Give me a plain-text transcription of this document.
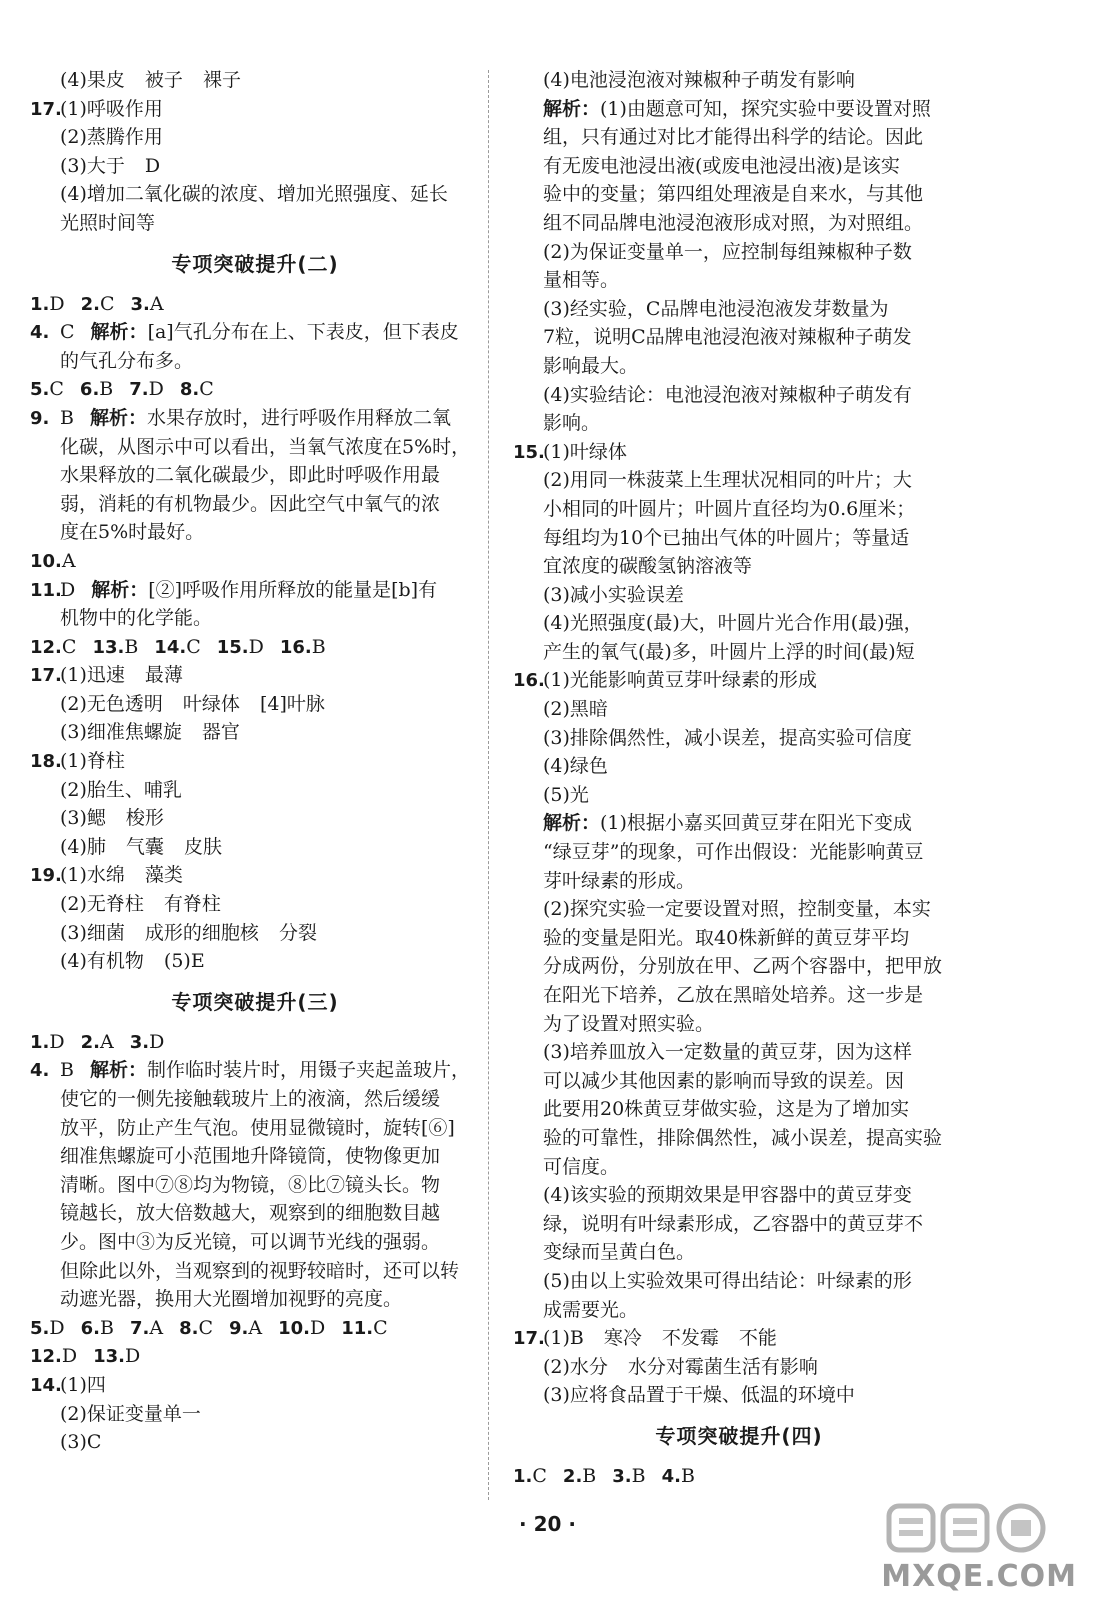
(4)果皮 被子 裸子
17.(1)呼吸作用
(2)蒸腾作用
(3)大于 D
(4)增加二氧化碳的浓度、增加光照强度、延长
光照时间等
专项突破提升(二)
1.D 2.C 3.A
4. C 解析：[a]气孔分布在上、下表皮，但下表皮
的气孔分布多。
5.C 6.B 7.D 8.C
9. B 解析：水果存放时，进行呼吸作用释放二氧
化碳，从图示中可以看出，当氧气浓度在5%时，
水果释放的二氧化碳最少，即此时呼吸作用最
弱，消耗的有机物最少。因此空气中氧气的浓
度在5%时最好。
10.A
11.D 解析：[②]呼吸作用所释放的能量是[b]有
机物中的化学能。
12.C 13.B 14.C 15.D 16.B
17.(1)迅速 最薄
(2)无色透明 叶绿体 [4]叶脉
(3)细准焦螺旋 器官
18.(1)脊柱
(2)胎生、哺乳
(3)鳃 梭形
(4)肺 气囊 皮肤
19.(1)水绵 藻类
(2)无脊柱 有脊柱
(3)细菌 成形的细胞核 分裂
(4)有机物 (5)E
专项突破提升(三)
1.D 2.A 3.D
4. B 解析：制作临时装片时，用镊子夹起盖玻片，
使它的一侧先接触载玻片上的液滴，然后缓缓
放平，防止产生气泡。使用显微镜时，旋转[⑥]
细准焦螺旋可小范围地升降镜筒，使物像更加
清晰。图中⑦⑧均为物镜，⑧比⑦镜头长。物
镜越长，放大倍数越大，观察到的细胞数目越
少。图中③为反光镜，可以调节光线的强弱。
但除此以外，当观察到的视野较暗时，还可以转
动遮光器，换用大光圈增加视野的亮度。
5.D 6.B 7.A 8.C 9.A 10.D 11.C
12.D 13.D
14.(1)四
(2)保证变量单一
(3)C
(4)电池浸泡液对辣椒种子萌发有影响
解析：(1)由题意可知，探究实验中要设置对照
组，只有通过对比才能得出科学的结论。因此
有无废电池浸出液(或废电池浸出液)是该实
验中的变量；第四组处理液是自来水，与其他
组不同品牌电池浸泡液形成对照，为对照组。
(2)为保证变量单一，应控制每组辣椒种子数
量相等。
(3)经实验，C品牌电池浸泡液发芽数量为
7粒，说明C品牌电池浸泡液对辣椒种子萌发
影响最大。
(4)实验结论：电池浸泡液对辣椒种子萌发有
影响。
15.(1)叶绿体
(2)用同一株菠菜上生理状况相同的叶片；大
小相同的叶圆片；叶圆片直径均为0.6厘米；
每组均为10个已抽出气体的叶圆片；等量适
宜浓度的碳酸氢钠溶液等
(3)减小实验误差
(4)光照强度(最)大，叶圆片光合作用(最)强，
产生的氧气(最)多，叶圆片上浮的时间(最)短
16.(1)光能影响黄豆芽叶绿素的形成
(2)黑暗
(3)排除偶然性，减小误差，提高实验可信度
(4)绿色
(5)光
解析：(1)根据小嘉买回黄豆芽在阳光下变成
“绿豆芽”的现象，可作出假设：光能影响黄豆
芽叶绿素的形成。
(2)探究实验一定要设置对照，控制变量，本实
验的变量是阳光。取40株新鲜的黄豆芽平均
分成两份，分别放在甲、乙两个容器中，把甲放
在阳光下培养，乙放在黑暗处培养。这一步是
为了设置对照实验。
(3)培养皿放入一定数量的黄豆芽，因为这样
可以减少其他因素的影响而导致的误差。因
此要用20株黄豆芽做实验，这是为了增加实
验的可靠性，排除偶然性，减小误差，提高实验
可信度。
(4)该实验的预期效果是甲容器中的黄豆芽变
绿，说明有叶绿素形成，乙容器中的黄豆芽不
变绿而呈黄白色。
(5)由以上实验效果可得出结论：叶绿素的形
成需要光。
17.(1)B 寒冷 不发霉 不能
(2)水分 水分对霉菌生活有影响
(3)应将食品置于干燥、低温的环境中
专项突破提升(四)
1.C 2.B 3.B 4.B
· 20 ·
MXQE.COM
